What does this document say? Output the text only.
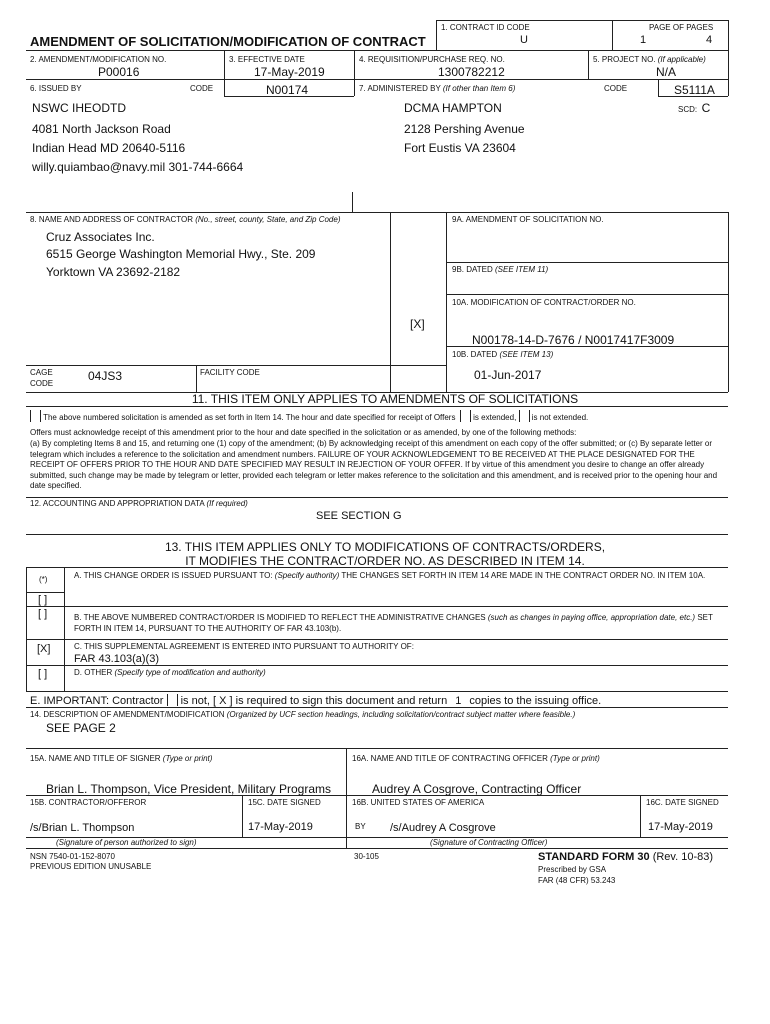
AMENDMENT OF SOLICITATION/MODIFICATION OF CONTRACT
1. CONTRACT ID CODE
U
PAGE OF PAGES
1	4
2. AMENDMENT/MODIFICATION NO.
P00016
3. EFFECTIVE DATE
17-May-2019
4. REQUISITION/PURCHASE REQ. NO.
1300782212
5. PROJECT NO. (If applicable)
N/A
6. ISSUED BY	CODE	N00174	7. ADMINISTERED BY (If other than Item 6)	CODE	S5111A
SCD: C
NSWC IHEODTD
4081 North Jackson Road
Indian Head MD 20640-5116
willy.quiambao@navy.mil 301-744-6664
DCMA HAMPTON
2128 Pershing Avenue
Fort Eustis VA 23604
8. NAME AND ADDRESS OF CONTRACTOR (No., street, county, State, and Zip Code)
Cruz Associates Inc.
6515 George Washington Memorial Hwy., Ste. 209
Yorktown VA 23692-2182
9A. AMENDMENT OF SOLICITATION NO.
9B. DATED (SEE ITEM 11)
10A. MODIFICATION OF CONTRACT/ORDER NO.
[X]
N00178-14-D-7676 / N0017417F3009
10B. DATED (SEE ITEM 13)
01-Jun-2017
CAGE
CODE
04JS3	FACILITY CODE
11. THIS ITEM ONLY APPLIES TO AMENDMENTS OF SOLICITATIONS
The above numbered solicitation is amended as set forth in Item 14. The hour and date specified for receipt of Offers is extended, is not extended.
Offers must acknowledge receipt of this amendment prior to the hour and date specified in the solicitation or as amended, by one of the following methods:
(a) By completing Items 8 and 15, and returning one (1) copy of the amendment; (b) By acknowledging receipt of this amendment on each copy of the offer submitted; or (c) By separate letter or telegram which includes a reference to the solicitation and amendment numbers. FAILURE OF YOUR ACKNOWLEDGEMENT TO BE RECEIVED AT THE PLACE DESIGNATED FOR THE RECEIPT OF OFFERS PRIOR TO THE HOUR AND DATE SPECIFIED MAY RESULT IN REJECTION OF YOUR OFFER. If by virtue of this amendment you desire to change an offer already submitted, such change may be made by telegram or letter, provided each telegram or letter makes reference to the solicitation and this amendment, and is received prior to the opening hour and date specified.
12. ACCOUNTING AND APPROPRIATION DATA (If required)
SEE SECTION G
13. THIS ITEM APPLIES ONLY TO MODIFICATIONS OF CONTRACTS/ORDERS,
IT MODIFIES THE CONTRACT/ORDER NO. AS DESCRIBED IN ITEM 14.
(*)	A. THIS CHANGE ORDER IS ISSUED PURSUANT TO: (Specify authority) THE CHANGES SET FORTH IN ITEM 14 ARE MADE IN THE CONTRACT ORDER NO. IN ITEM 10A.
[ ]
[ ]	B. THE ABOVE NUMBERED CONTRACT/ORDER IS MODIFIED TO REFLECT THE ADMINISTRATIVE CHANGES (such as changes in paying office, appropriation date, etc.) SET FORTH IN ITEM 14, PURSUANT TO THE AUTHORITY OF FAR 43.103(b).
[X]	C. THIS SUPPLEMENTAL AGREEMENT IS ENTERED INTO PURSUANT TO AUTHORITY OF:
FAR 43.103(a)(3)
[ ]	D. OTHER (Specify type of modification and authority)
E. IMPORTANT: Contractor is not, [ X ] is required to sign this document and return 1 copies to the issuing office.
14. DESCRIPTION OF AMENDMENT/MODIFICATION (Organized by UCF section headings, including solicitation/contract subject matter where feasible.)
SEE PAGE 2
15A. NAME AND TITLE OF SIGNER (Type or print)
Brian L. Thompson, Vice President, Military Programs
16A. NAME AND TITLE OF CONTRACTING OFFICER (Type or print)
Audrey A Cosgrove, Contracting Officer
15B. CONTRACTOR/OFFEROR	15C. DATE SIGNED	16B. UNITED STATES OF AMERICA	16C. DATE SIGNED
/s/Brian L. Thompson	17-May-2019	BY /s/Audrey A Cosgrove	17-May-2019
(Signature of person authorized to sign)	(Signature of Contracting Officer)
NSN 7540-01-152-8070
PREVIOUS EDITION UNUSABLE
30-105	STANDARD FORM 30 (Rev. 10-83)
Prescribed by GSA
FAR (48 CFR) 53.243
